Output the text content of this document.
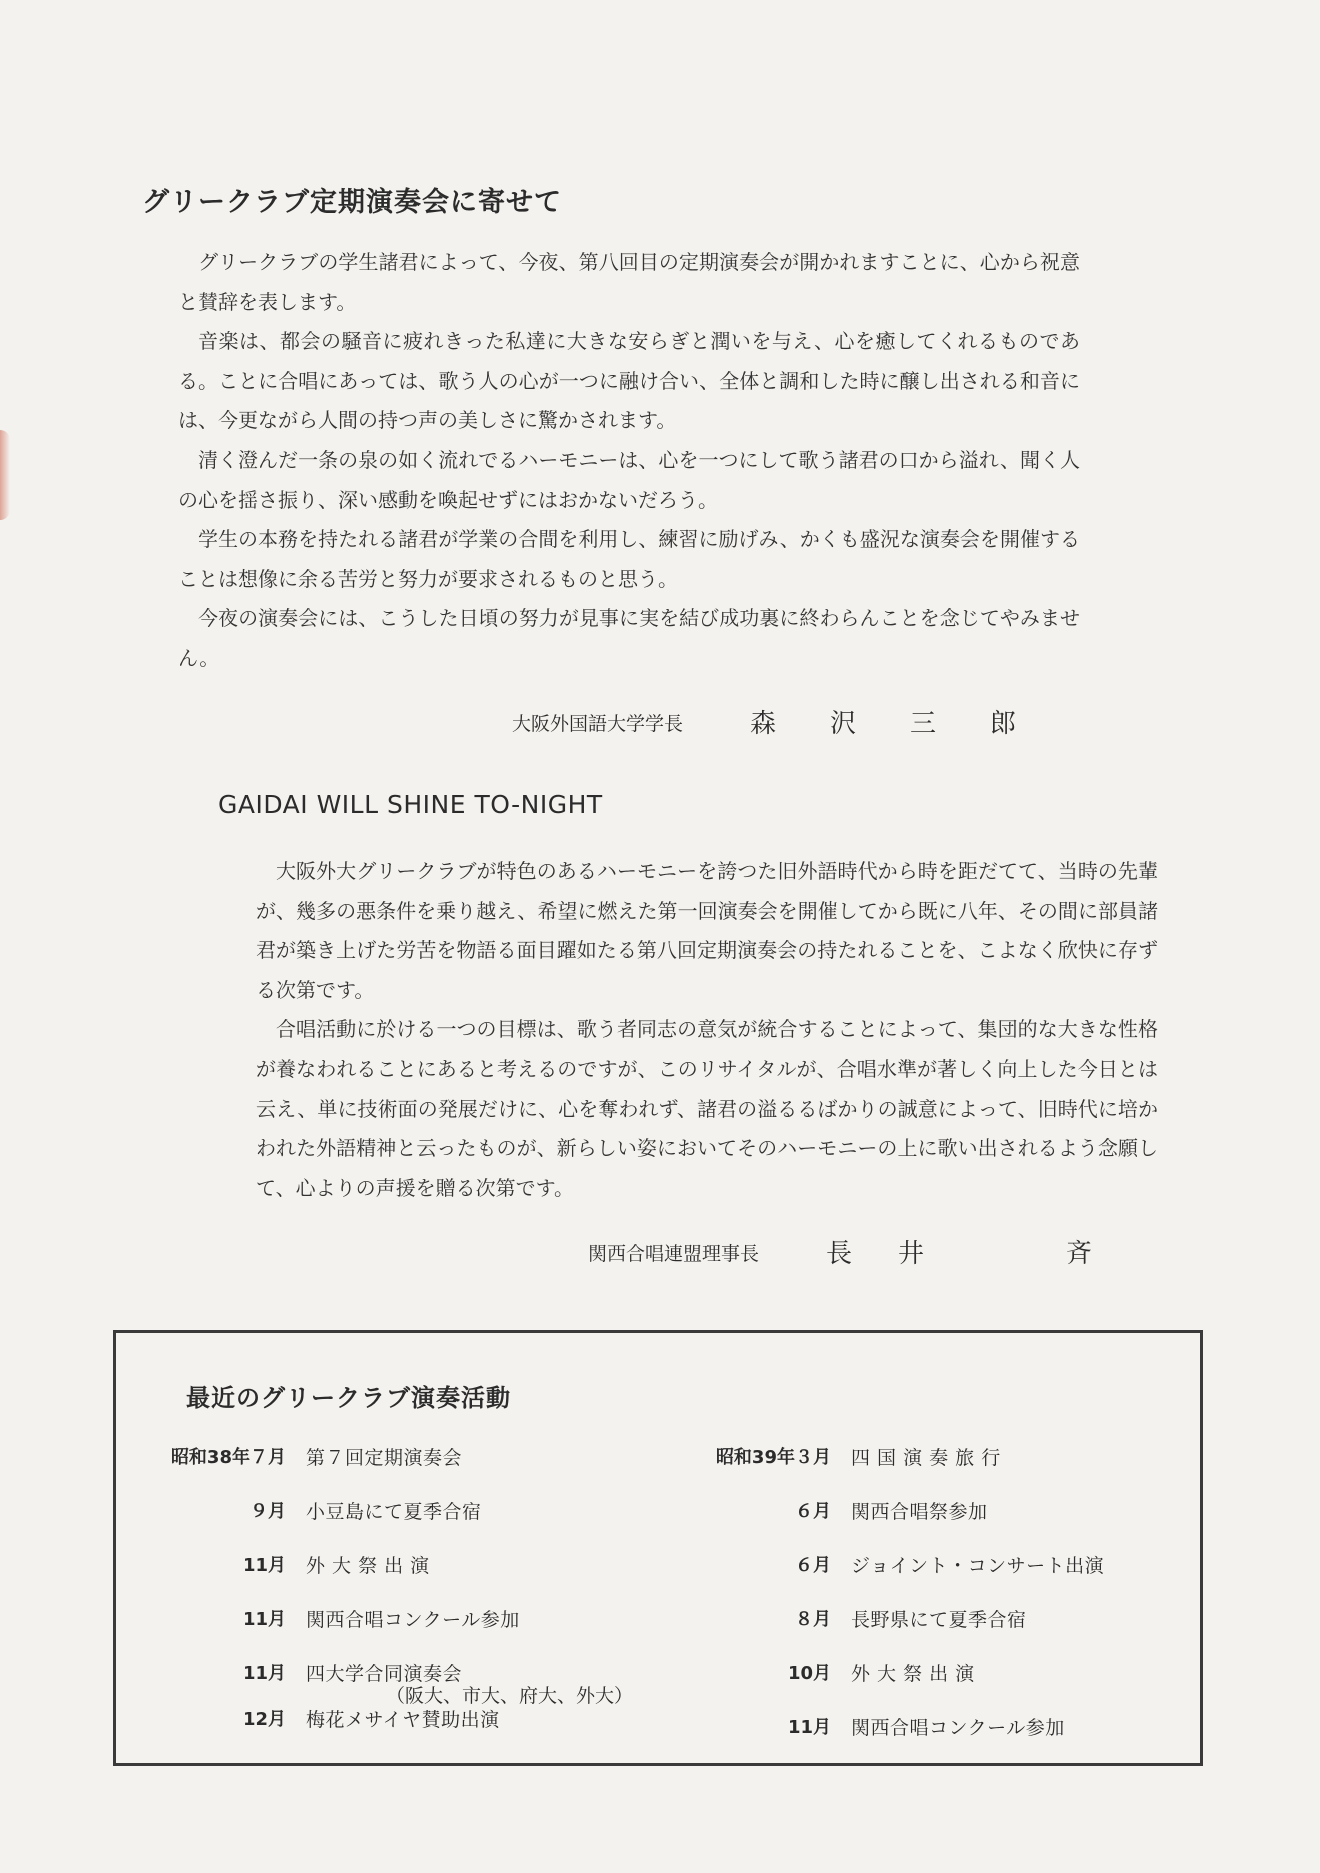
グリークラブ定期演奏会に寄せて

グリークラブの学生諸君によって、今夜、第八回目の定期演奏会が開かれますことに、心から祝意と賛辞を表します。

音楽は、都会の騒音に疲れきった私達に大きな安らぎと潤いを与え、心を癒してくれるものである。ことに合唱にあっては、歌う人の心が一つに融け合い、全体と調和した時に醸し出される和音には、今更ながら人間の持つ声の美しさに驚かされます。

清く澄んだ一条の泉の如く流れでるハーモニーは、心を一つにして歌う諸君の口から溢れ、聞く人の心を揺さ振り、深い感動を喚起せずにはおかないだろう。

学生の本務を持たれる諸君が学業の合間を利用し、練習に励げみ、かくも盛況な演奏会を開催することは想像に余る苦労と努力が要求されるものと思う。

今夜の演奏会には、こうした日頃の努力が見事に実を結び成功裏に終わらんことを念じてやみません。

大阪外国語大学学長	森 沢 三 郎
GAIDAI WILL SHINE TO-NIGHT

大阪外大グリークラブが特色のあるハーモニーを誇つた旧外語時代から時を距だてて、当時の先輩が、幾多の悪条件を乗り越え、希望に燃えた第一回演奏会を開催してから既に八年、その間に部員諸君が築き上げた労苦を物語る面目躍如たる第八回定期演奏会の持たれることを、こよなく欣快に存ずる次第です。

合唱活動に於ける一つの目標は、歌う者同志の意気が統合することによって、集団的な大きな性格が養なわれることにあると考えるのですが、このリサイタルが、合唱水準が著しく向上した今日とは云え、単に技術面の発展だけに、心を奪われず、諸君の溢るるばかりの誠意によって、旧時代に培かわれた外語精神と云ったものが、新らしい姿においてそのハーモニーの上に歌い出されるよう念願して、心よりの声援を贈る次第です。

関西合唱連盟理事長	長 井	斉
最近のグリークラブ演奏活動
昭和38年７月 第７回定期演奏会
９月 小豆島にて夏季合宿
11月 外 大 祭 出 演
11月 関西合唱コンクール参加
11月 四大学合同演奏会
（阪大、市大、府大、外大）
12月 梅花メサイヤ賛助出演
昭和39年３月 四 国 演 奏 旅 行
６月 関西合唱祭参加
６月 ジョイント・コンサート出演
８月 長野県にて夏季合宿
10月 外 大 祭 出 演
11月 関西合唱コンクール参加
